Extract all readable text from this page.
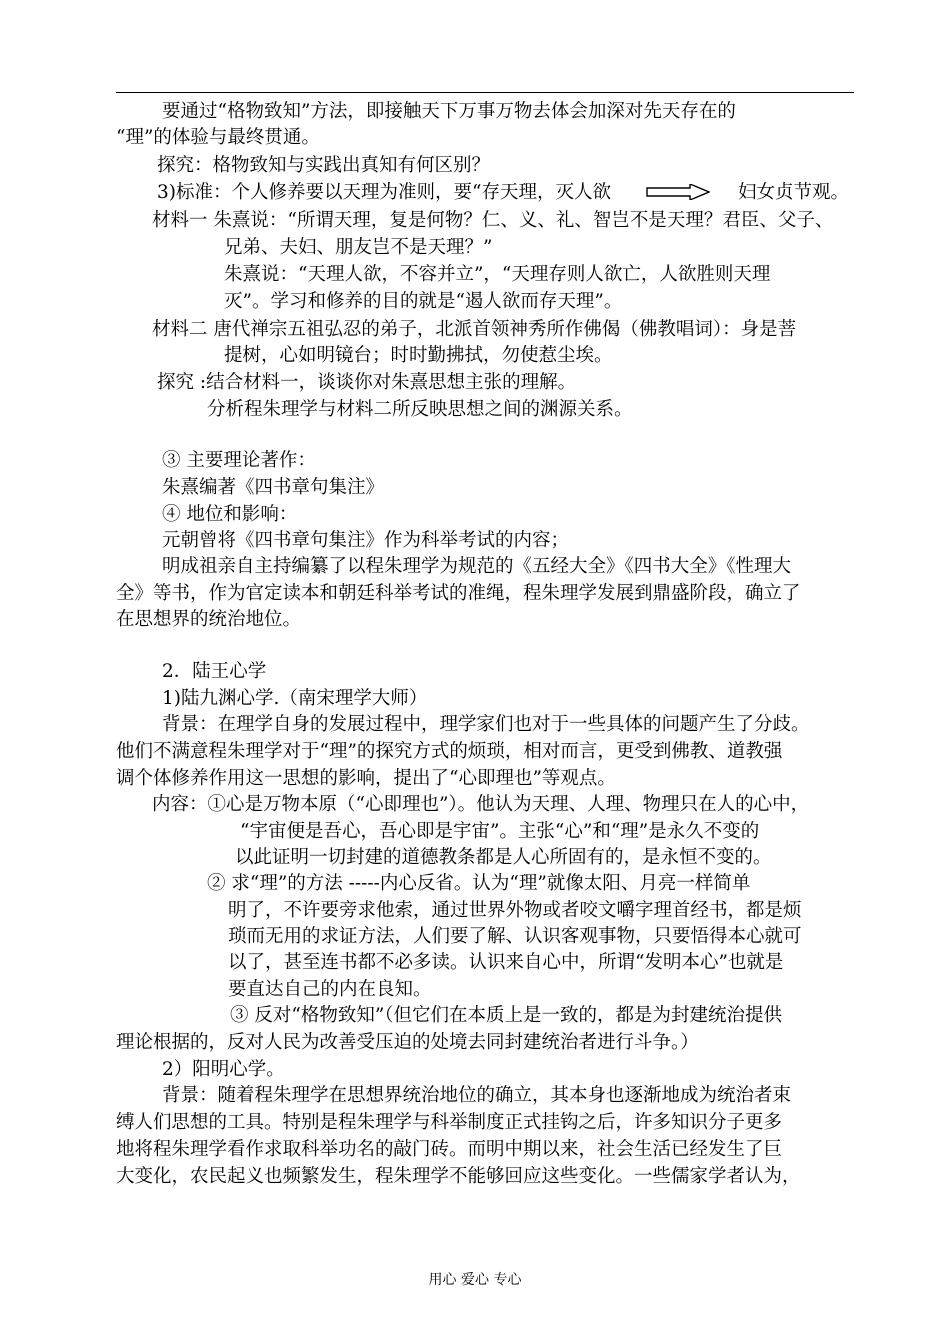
要通过“格物致知”方法，即接触天下万事万物去体会加深对先天存在的
“理”的体验与最终贯通。
探究：格物致知与实践出真知有何区别？
3)标准：个人修养要以天理为准则，要“存天理，灭人欲	妇女贞节观。
材料一 朱熹说：“所谓天理，复是何物？仁、义、礼、智岂不是天理？君臣、父子、
兄弟、夫妇、朋友岂不是天理？”
朱熹说：“天理人欲，不容并立”，“天理存则人欲亡，人欲胜则天理
灭”。学习和修养的目的就是“遏人欲而存天理”。
材料二 唐代禅宗五祖弘忍的弟子，北派首领神秀所作佛偈（佛教唱词）：身是菩
提树，心如明镜台；时时勤拂拭，勿使惹尘埃。
探究 :结合材料一，谈谈你对朱熹思想主张的理解。
分析程朱理学与材料二所反映思想之间的渊源关系。
③ 主要理论著作：
朱熹编著《四书章句集注》
④ 地位和影响：
元朝曾将《四书章句集注》作为科举考试的内容；
明成祖亲自主持编纂了以程朱理学为规范的《五经大全》《四书大全》《性理大
全》等书，作为官定读本和朝廷科举考试的准绳，程朱理学发展到鼎盛阶段，确立了
在思想界的统治地位。
2．陆王心学
1)陆九渊心学.（南宋理学大师）
背景：在理学自身的发展过程中，理学家们也对于一些具体的问题产生了分歧。
他们不满意程朱理学对于“理”的探究方式的烦琐，相对而言，更受到佛教、道教强
调个体修养作用这一思想的影响，提出了“心即理也”等观点。
内容：①心是万物本原（“心即理也”）。他认为天理、人理、物理只在人的心中，
“宇宙便是吾心，吾心即是宇宙”。主张“心”和“理”是永久不变的
以此证明一切封建的道德教条都是人心所固有的，是永恒不变的。
② 求“理”的方法 -----内心反省。认为“理”就像太阳、月亮一样简单
明了，不许要旁求他索，通过世界外物或者咬文嚼字理首经书，都是烦
琐而无用的求证方法，人们要了解、认识客观事物，只要悟得本心就可
以了，甚至连书都不必多读。认识来自心中，所谓“发明本心”也就是
要直达自己的内在良知。
③ 反对“格物致知”（但它们在本质上是一致的，都是为封建统治提供
理论根据的，反对人民为改善受压迫的处境去同封建统治者进行斗争。）
2）阳明心学。
背景：随着程朱理学在思想界统治地位的确立，其本身也逐渐地成为统治者束
缚人们思想的工具。特别是程朱理学与科举制度正式挂钩之后，许多知识分子更多
地将程朱理学看作求取科举功名的敲门砖。而明中期以来，社会生活已经发生了巨
大变化，农民起义也频繁发生，程朱理学不能够回应这些变化。一些儒家学者认为，
用心 爱心 专心
